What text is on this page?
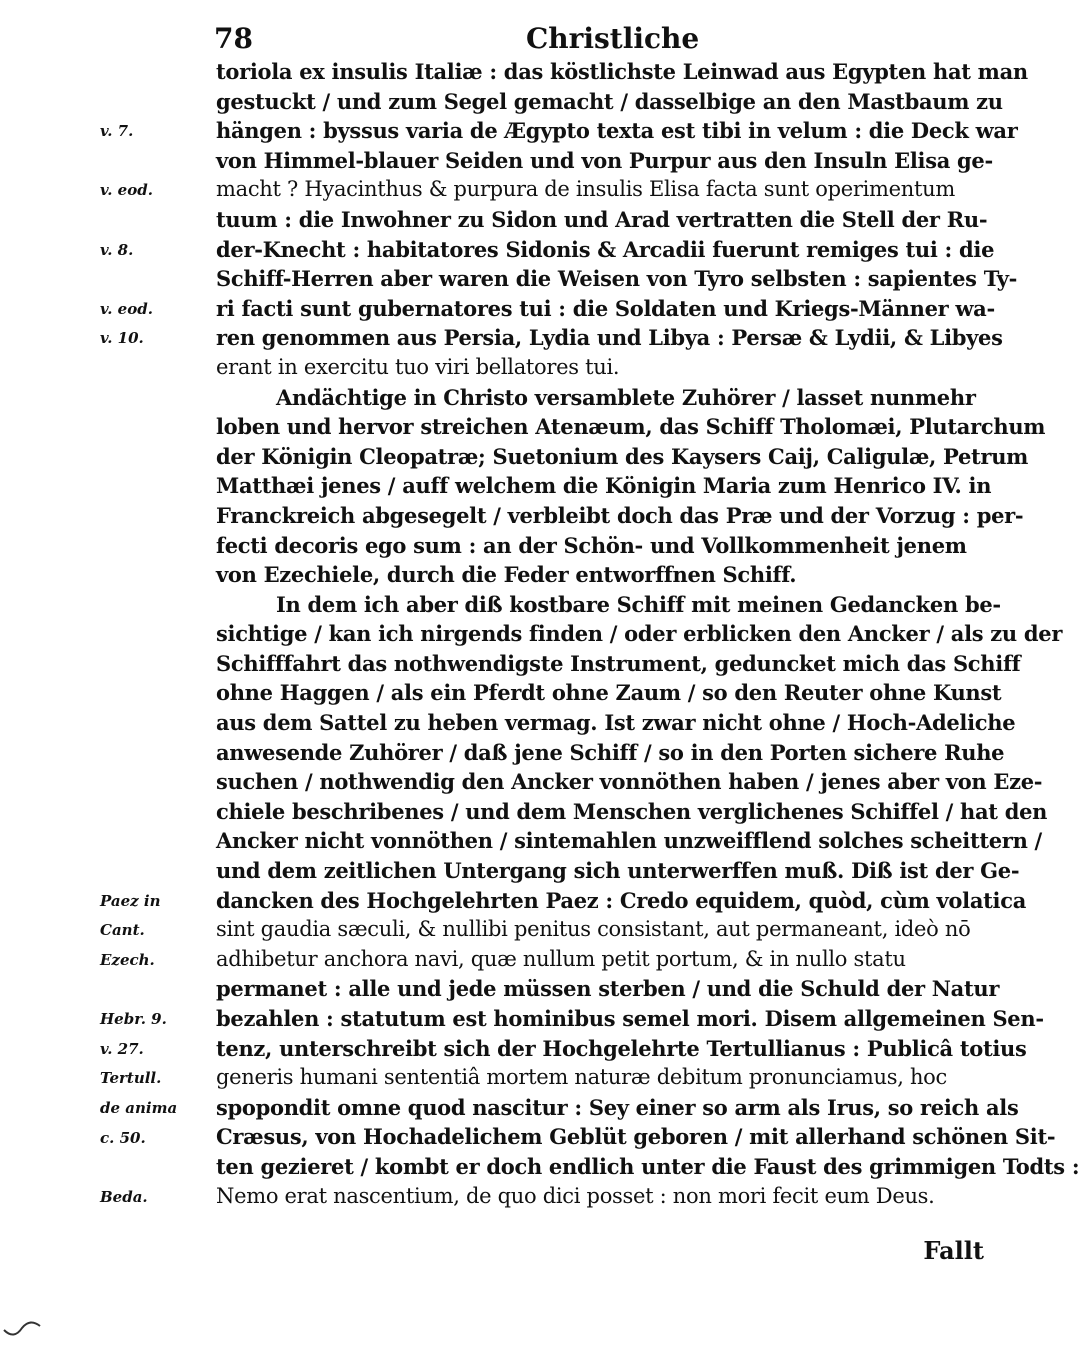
78	Christliche
v. 7.
v. eod.
v. 8.
v. eod.
v. 10.
Paez in
Cant.
Ezech.
Hebr. 9.
v. 27.
Tertull.
de anima
c. 50.
Beda.
toriola ex insulis Italiæ : das köstlichste Leinwad aus Egypten hat man
gestuckt / und zum Segel gemacht / dasselbige an den Mastbaum zu
hängen : byssus varia de Ægypto texta est tibi in velum : die Deck war
von Himmel-blauer Seiden und von Purpur aus den Insuln Elisa ge-
macht ? Hyacinthus & purpura de insulis Elisa facta sunt operimentum
tuum : die Inwohner zu Sidon und Arad vertratten die Stell der Ru-
der-Knecht : habitatores Sidonis & Arcadii fuerunt remiges tui : die
Schiff-Herren aber waren die Weisen von Tyro selbsten : sapientes Ty-
ri facti sunt gubernatores tui : die Soldaten und Kriegs-Männer wa-
ren genommen aus Persia, Lydia und Libya : Persæ & Lydii, & Libyes
erant in exercitu tuo viri bellatores tui.
Andächtige in Christo versamblete Zuhörer / lasset nunmehr
loben und hervor streichen Atenæum, das Schiff Tholomæi, Plutarchum
der Königin Cleopatræ; Suetonium des Kaysers Caij, Caligulæ, Petrum
Matthæi jenes / auff welchem die Königin Maria zum Henrico IV. in
Franckreich abgesegelt / verbleibt doch das Præ und der Vorzug : per-
fecti decoris ego sum : an der Schön- und Vollkommenheit jenem
von Ezechiele, durch die Feder entworffnen Schiff.
In dem ich aber diß kostbare Schiff mit meinen Gedancken be-
sichtige / kan ich nirgends finden / oder erblicken den Ancker / als zu der
Schifffahrt das nothwendigste Instrument, geduncket mich das Schiff
ohne Haggen / als ein Pferdt ohne Zaum / so den Reuter ohne Kunst
aus dem Sattel zu heben vermag. Ist zwar nicht ohne / Hoch-Adeliche
anwesende Zuhörer / daß jene Schiff / so in den Porten sichere Ruhe
suchen / nothwendig den Ancker vonnöthen haben / jenes aber von Eze-
chiele beschribenes / und dem Menschen verglichenes Schiffel / hat den
Ancker nicht vonnöthen / sintemahlen unzweifflend solches scheittern /
und dem zeitlichen Untergang sich unterwerffen muß. Diß ist der Ge-
dancken des Hochgelehrten Paez : Credo equidem, quòd, cùm volatica
sint gaudia sæculi, & nullibi penitus consistant, aut permaneant, ideò nō
adhibetur anchora navi, quæ nullum petit portum, & in nullo statu
permanet : alle und jede müssen sterben / und die Schuld der Natur
bezahlen : statutum est hominibus semel mori. Disem allgemeinen Sen-
tenz, unterschreibt sich der Hochgelehrte Tertullianus : Publicâ totius
generis humani sententiâ mortem naturæ debitum pronunciamus, hoc
spopondit omne quod nascitur : Sey einer so arm als Irus, so reich als
Cræsus, von Hochadelichem Geblüt geboren / mit allerhand schönen Sit-
ten gezieret / kombt er doch endlich unter die Faust des grimmigen Todts :
Nemo erat nascentium, de quo dici posset : non mori fecit eum Deus.
Fallt
